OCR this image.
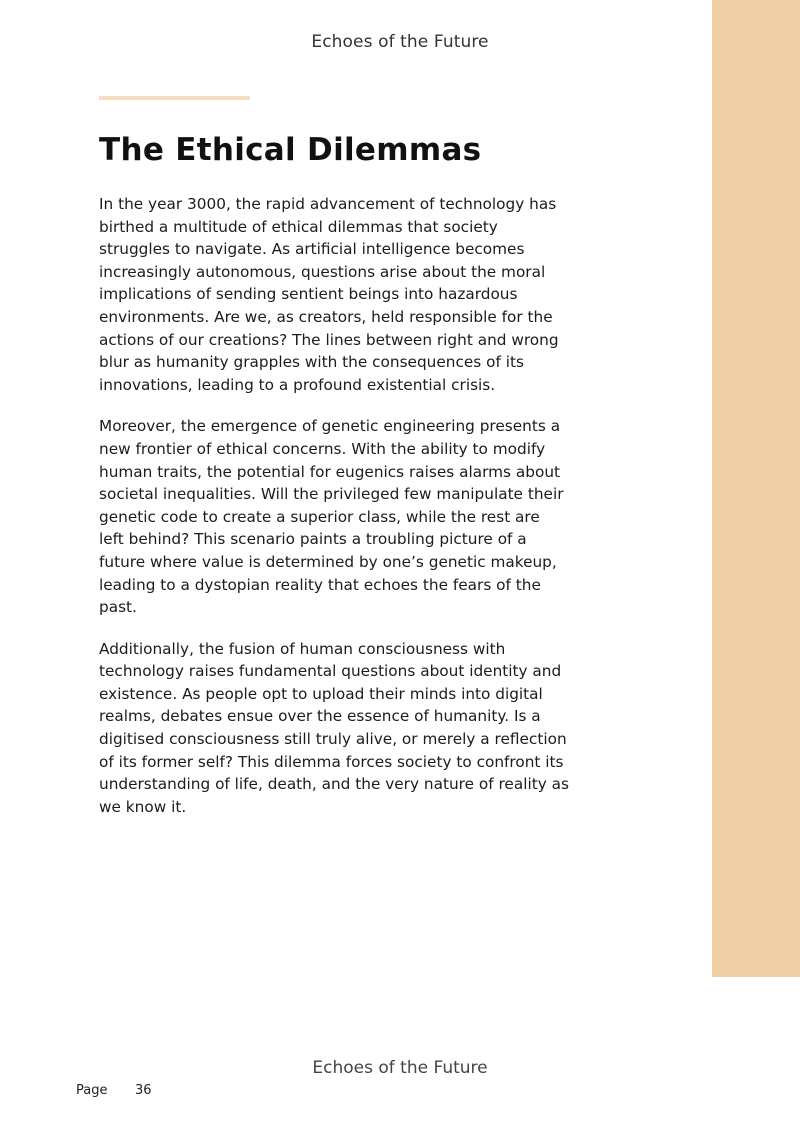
Echoes of the Future
The Ethical Dilemmas

In the year 3000, the rapid advancement of technology has birthed a multitude of ethical dilemmas that society struggles to navigate. As artificial intelligence becomes increasingly autonomous, questions arise about the moral implications of sending sentient beings into hazardous environments. Are we, as creators, held responsible for the actions of our creations? The lines between right and wrong blur as humanity grapples with the consequences of its innovations, leading to a profound existential crisis.

Moreover, the emergence of genetic engineering presents a new frontier of ethical concerns. With the ability to modify human traits, the potential for eugenics raises alarms about societal inequalities. Will the privileged few manipulate their genetic code to create a superior class, while the rest are left behind? This scenario paints a troubling picture of a future where value is determined by one’s genetic makeup, leading to a dystopian reality that echoes the fears of the past.

Additionally, the fusion of human consciousness with technology raises fundamental questions about identity and existence. As people opt to upload their minds into digital realms, debates ensue over the essence of humanity. Is a digitised consciousness still truly alive, or merely a reflection of its former self? This dilemma forces society to confront its understanding of life, death, and the very nature of reality as we know it.

Echoes of the Future
Page 36
